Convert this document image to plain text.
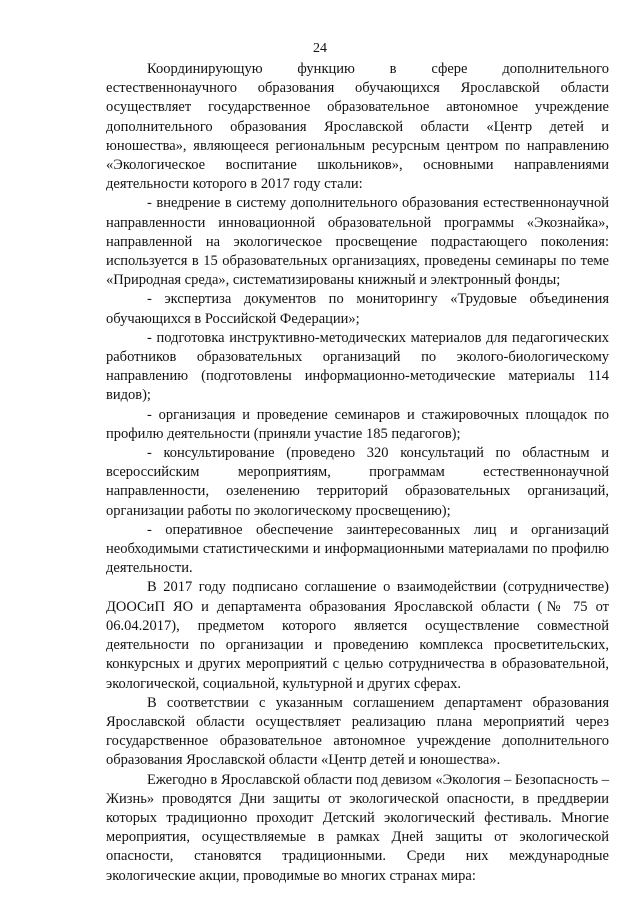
24

Координирующую функцию в сфере дополнительного естественнонаучного образования обучающихся Ярославской области осуществляет государственное образовательное автономное учреждение дополнительного образования Ярославской области «Центр детей и юношества», являющееся региональным ресурсным центром по направлению «Экологическое воспитание школьников», основными направлениями деятельности которого в 2017 году стали:

- внедрение в систему дополнительного образования естественнонаучной направленности инновационной образовательной программы «Экознайка», направленной на экологическое просвещение подрастающего поколения: используется в 15 образовательных организациях, проведены семинары по теме «Природная среда», систематизированы книжный и электронный фонды;

- экспертиза документов по мониторингу «Трудовые объединения обучающихся в Российской Федерации»;

- подготовка инструктивно-методических материалов для педагогических работников образовательных организаций по эколого-биологическому направлению (подготовлены информационно-методические материалы 114 видов);

- организация и проведение семинаров и стажировочных площадок по профилю деятельности (приняли участие 185 педагогов);

- консультирование (проведено 320 консультаций по областным и всероссийским мероприятиям, программам естественнонаучной направленности, озеленению территорий образовательных организаций, организации работы по экологическому просвещению);

- оперативное обеспечение заинтересованных лиц и организаций необходимыми статистическими и информационными материалами по профилю деятельности.

В 2017 году подписано соглашение о взаимодействии (сотрудничестве) ДООСиП ЯО и департамента образования Ярославской области (№ 75 от 06.04.2017), предметом которого является осуществление совместной деятельности по организации и проведению комплекса просветительских, конкурсных и других мероприятий с целью сотрудничества в образовательной, экологической, социальной, культурной и других сферах.

В соответствии с указанным соглашением департамент образования Ярославской области осуществляет реализацию плана мероприятий через государственное образовательное автономное учреждение дополнительного образования Ярославской области «Центр детей и юношества».

Ежегодно в Ярославской области под девизом «Экология – Безопасность – Жизнь» проводятся Дни защиты от экологической опасности, в преддверии которых традиционно проходит Детский экологический фестиваль. Многие мероприятия, осуществляемые в рамках Дней защиты от экологической опасности, становятся традиционными. Среди них международные экологические акции, проводимые во многих странах мира:
